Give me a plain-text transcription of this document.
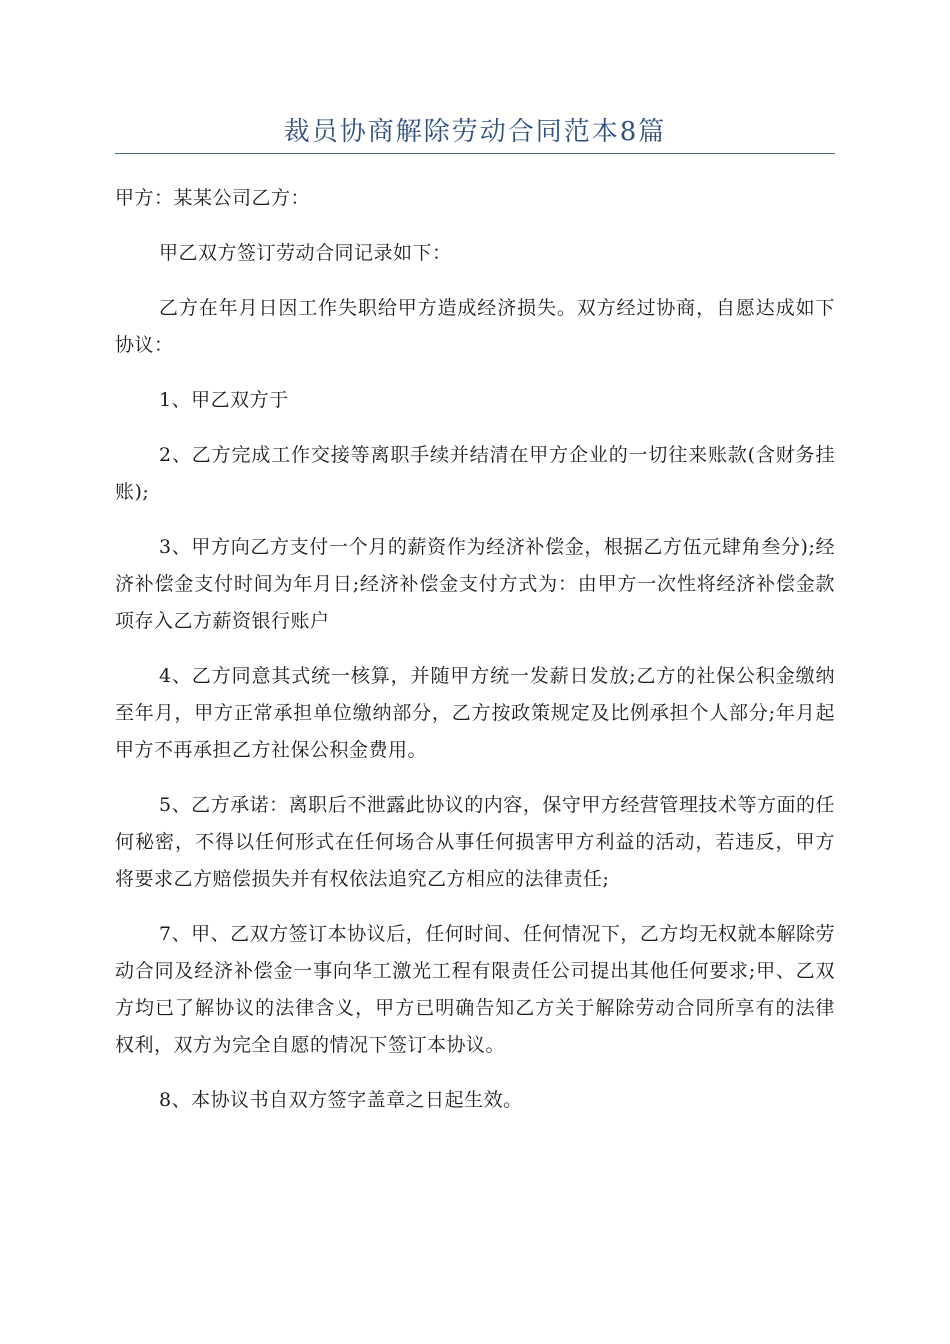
裁员协商解除劳动合同范本8篇

甲方：某某公司乙方：

甲乙双方签订劳动合同记录如下：

乙方在年月日因工作失职给甲方造成经济损失。双方经过协商，自愿达成如下协议：

1、甲乙双方于

2、乙方完成工作交接等离职手续并结清在甲方企业的一切往来账款(含财务挂账);

3、甲方向乙方支付一个月的薪资作为经济补偿金，根据乙方伍元肆角叁分);经济补偿金支付时间为年月日;经济补偿金支付方式为：由甲方一次性将经济补偿金款项存入乙方薪资银行账户

4、乙方同意其式统一核算，并随甲方统一发薪日发放;乙方的社保公积金缴纳至年月，甲方正常承担单位缴纳部分，乙方按政策规定及比例承担个人部分;年月起甲方不再承担乙方社保公积金费用。

5、乙方承诺：离职后不泄露此协议的内容，保守甲方经营管理技术等方面的任何秘密，不得以任何形式在任何场合从事任何损害甲方利益的活动，若违反，甲方将要求乙方赔偿损失并有权依法追究乙方相应的法律责任;

7、甲、乙双方签订本协议后，任何时间、任何情况下，乙方均无权就本解除劳动合同及经济补偿金一事向华工激光工程有限责任公司提出其他任何要求;甲、乙双方均已了解协议的法律含义，甲方已明确告知乙方关于解除劳动合同所享有的法律权利，双方为完全自愿的情况下签订本协议。

8、本协议书自双方签字盖章之日起生效。
